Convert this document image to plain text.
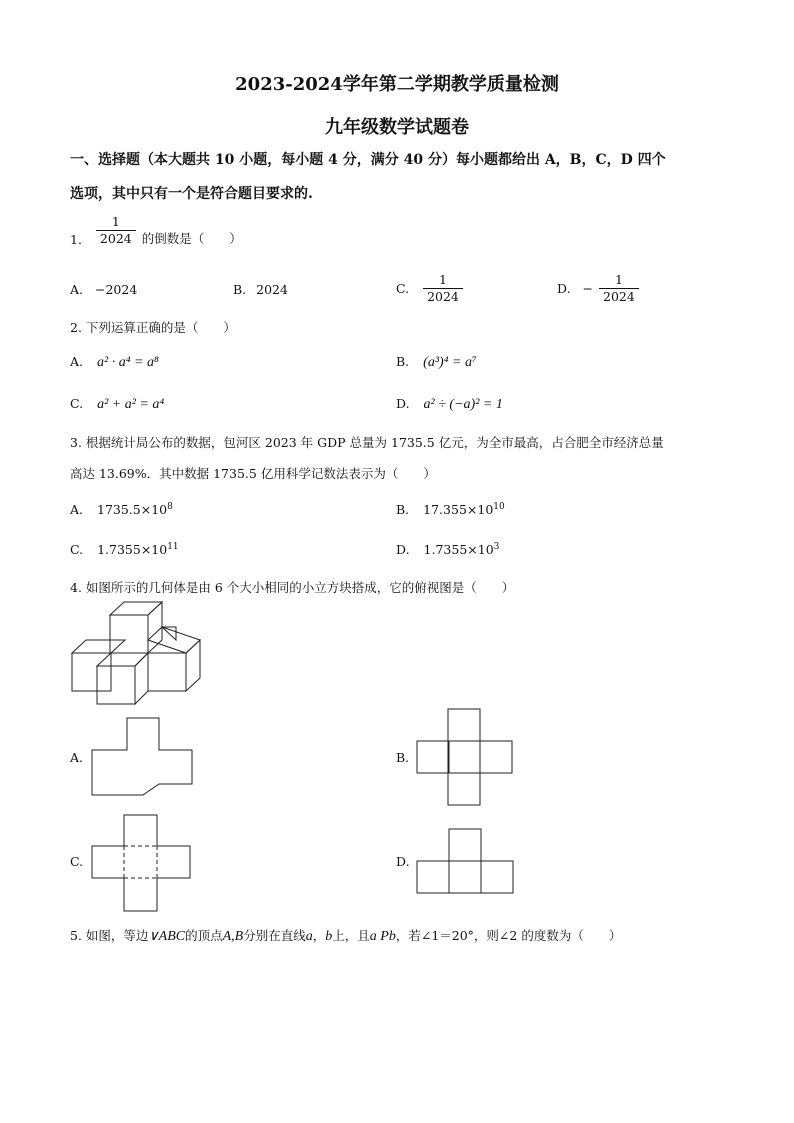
2023-2024学年第二学期教学质量检测
九年级数学试题卷
一、选择题（本大题共 10 小题，每小题 4 分，满分 40 分）每小题都给出 A，B，C，D 四个
选项，其中只有一个是符合题目要求的.
1. $\frac{1}{2024}$ 的倒数是（　　）
A. −2024	B. 2024	C. $\frac{1}{2024}$	D. − $\frac{1}{2024}$
2. 下列运算正确的是（　　）
A. a² · a⁴ = a⁸	B. (a³)⁴ = a⁷
C. a² + a² = a⁴	D. a² ÷ (−a)² = 1
3. 根据统计局公布的数据，包河区 2023 年 GDP 总量为 1735.5 亿元，为全市最高，占合肥全市经济总量
高达 13.69%．其中数据 1735.5 亿用科学记数法表示为（　　）
A. $1735.5\times 10^8$	B. $17.355\times 10^{10}$
C. $1.7355\times 10^{11}$	D. $1.7355\times 10^3$
4. 如图所示的几何体是由 6 个大小相同的小立方块搭成，它的俯视图是（　　）
A.	B.
C.	D.
5. 如图，等边∨ABC的顶点A,B分别在直线a，b上，且a Pb，若∠1＝20°，则∠2 的度数为（　　）
